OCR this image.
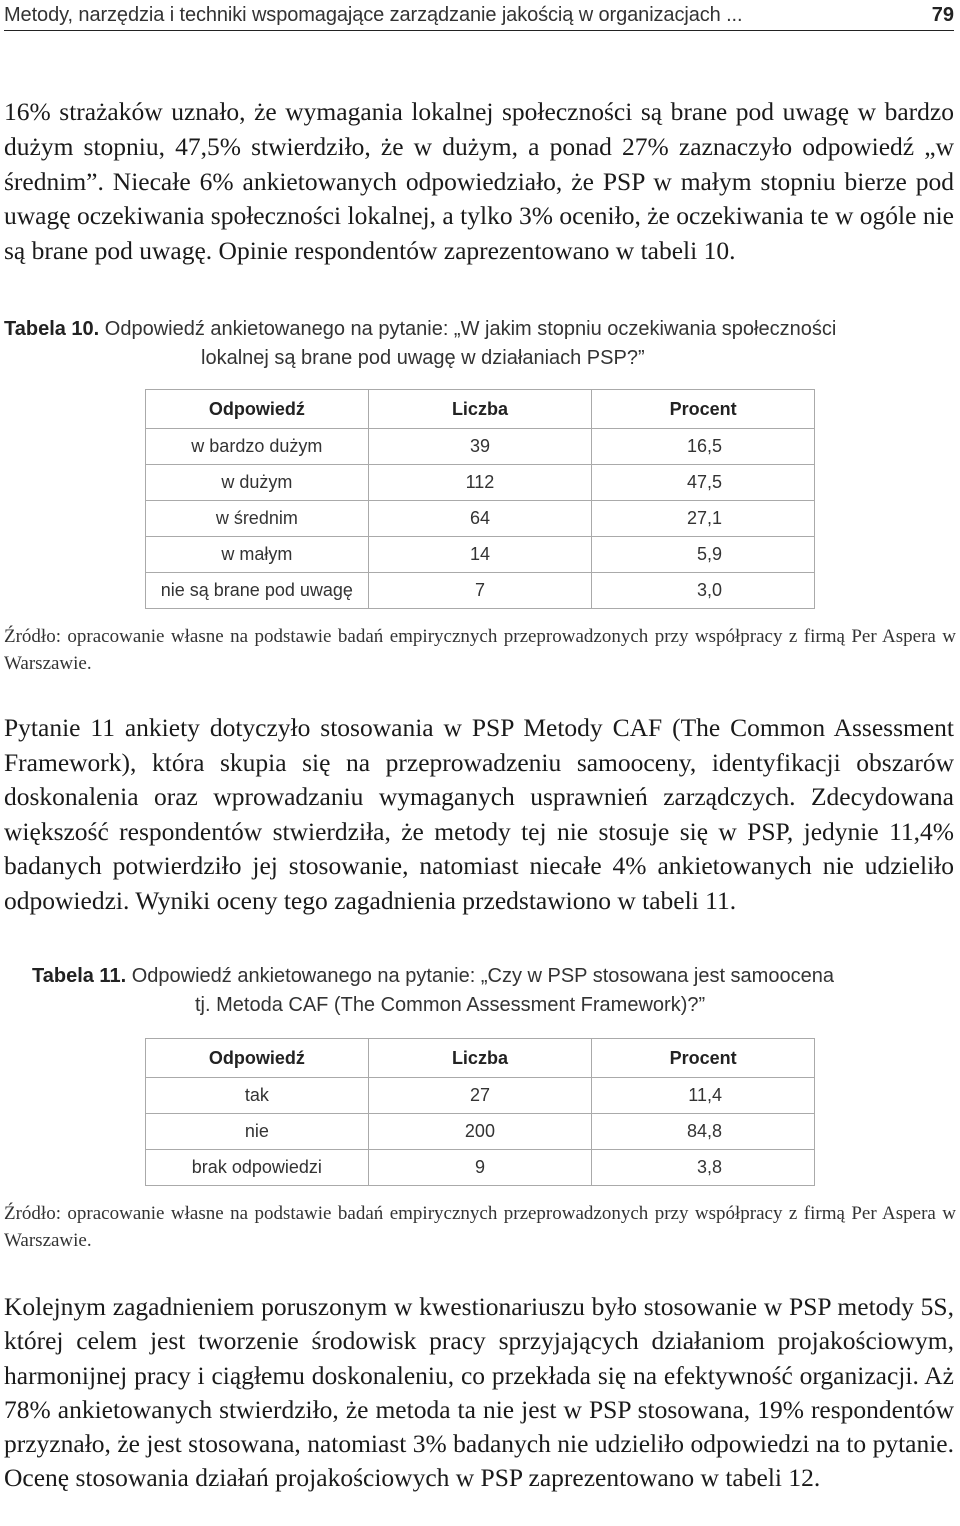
Metody, narzędzia i techniki wspomagające zarządzanie jakością w organizacjach ...	79
16% strażaków uznało, że wymagania lokalnej społeczności są brane pod uwagę w bardzo dużym stopniu, 47,5% stwierdziło, że w dużym, a ponad 27% zaznaczyło odpowiedź „w średnim”. Niecałe 6% ankietowanych odpowiedziało, że PSP w małym stopniu bierze pod uwagę oczekiwania społeczności lokalnej, a tylko 3% oceniło, że oczekiwania te w ogóle nie są brane pod uwagę. Opinie respondentów zaprezentowano w tabeli 10.
Tabela 10. Odpowiedź ankietowanego na pytanie: „W jakim stopniu oczekiwania społeczności
lokalnej są brane pod uwagę w działaniach PSP?”
Odpowiedź	Liczba	Procent
w bardzo dużym	39	16,5
w dużym	112	47,5
w średnim	64	27,1
w małym	14	5,9
nie są brane pod uwagę	7	3,0
Źródło: opracowanie własne na podstawie badań empirycznych przeprowadzonych przy współpracy z firmą Per Aspera w Warszawie.
Pytanie 11 ankiety dotyczyło stosowania w PSP Metody CAF (The Common Assessment Framework), która skupia się na przeprowadzeniu samooceny, identyfikacji obszarów doskonalenia oraz wprowadzaniu wymaganych usprawnień zarządczych. Zdecydowana większość respondentów stwierdziła, że metody tej nie stosuje się w PSP, jedynie 11,4% badanych potwierdziło jej stosowanie, natomiast niecałe 4% ankietowanych nie udzieliło odpowiedzi. Wyniki oceny tego zagadnienia przedstawiono w tabeli 11.
Tabela 11. Odpowiedź ankietowanego na pytanie: „Czy w PSP stosowana jest samoocena
tj. Metoda CAF (The Common Assessment Framework)?”
Odpowiedź	Liczba	Procent
tak	27	11,4
nie	200	84,8
brak odpowiedzi	9	3,8
Źródło: opracowanie własne na podstawie badań empirycznych przeprowadzonych przy współpracy z firmą Per Aspera w Warszawie.
Kolejnym zagadnieniem poruszonym w kwestionariuszu było stosowanie w PSP metody 5S, której celem jest tworzenie środowisk pracy sprzyjających działaniom projakościowym, harmonijnej pracy i ciągłemu doskonaleniu, co przekłada się na efektywność organizacji. Aż 78% ankietowanych stwierdziło, że metoda ta nie jest w PSP stosowana, 19% respondentów przyznało, że jest stosowana, natomiast 3% badanych nie udzieliło odpowiedzi na to pytanie. Ocenę stosowania działań projakościowych w PSP zaprezentowano w tabeli 12.
